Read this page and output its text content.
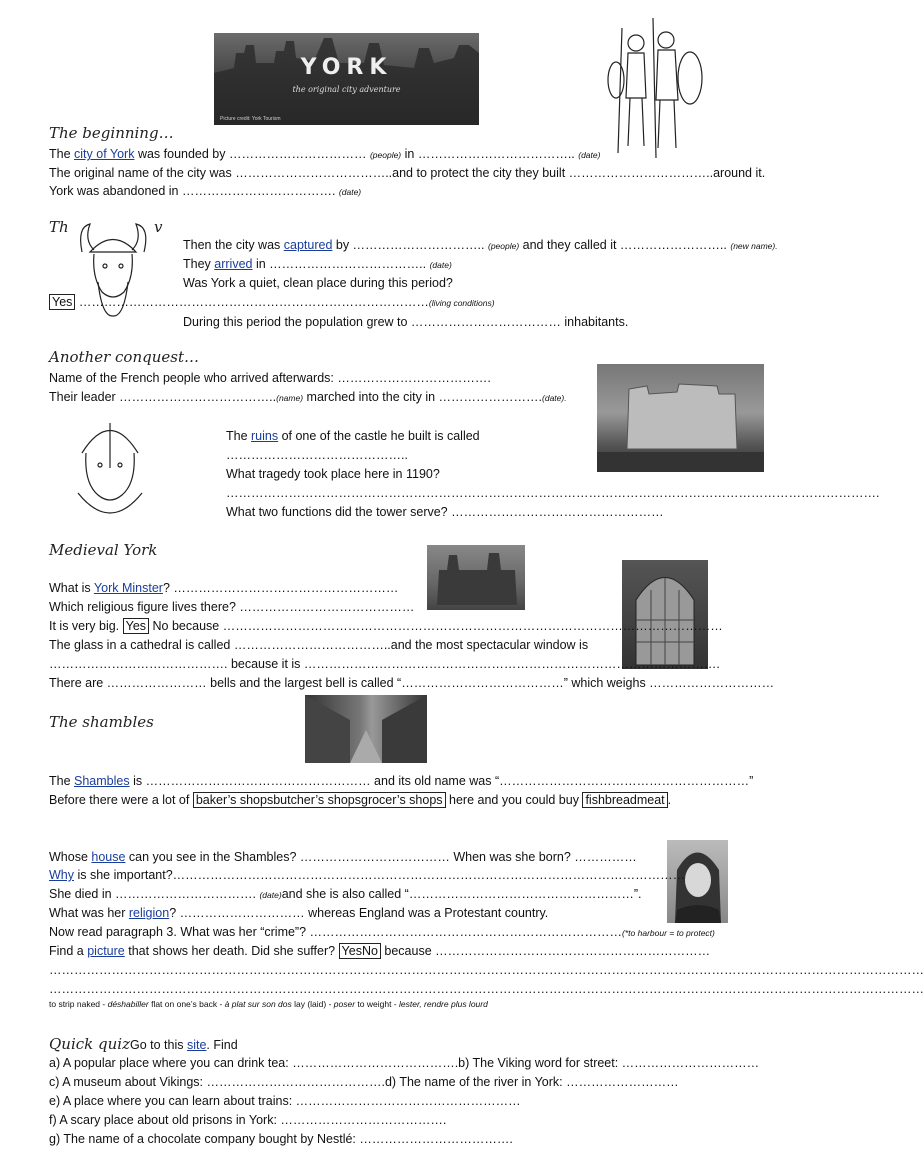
YORK
the original city adventure
Picture credit: York Tourism
The beginning…
The city of York was founded by …………………………… (people) in ……………………………….. (date)
The original name of the city was ………………………………..and to protect the city they built ……………………………..around it.
York was abandoned in ………………………………. (date)
Th	v
Then the city was captured by ………………………….. (people) and they called it …………………….. (new name).
They arrived in ……………………………….. (date)
Was York a quiet, clean place during this period?
Yes …………………………………………………………………………(living conditions)
During this period the population grew to ……………………………… inhabitants.
Another conquest…
Name of the French people who arrived afterwards: ……………………………….
Their leader ………………………………..(name) marched into the city in …………………….(date).
The ruins of one of the castle he built is called
……………………………………..
What tragedy took place here in 1190?
………………………………………………………………………………………………………………………………………….
What two functions did the tower serve? ……………………………………………
Medieval York
What is York Minster? ………………………………………………
Which religious figure lives there? ……………………………………
It is very big. Yes No because …………………………………………………………………………………………………………
The glass in a cathedral is called ………………………………..and the most spectacular window is
……………………………………. because it is ……………………………………………………………………………………….
There are …………………… bells and the largest bell is called “…………………………………” which weighs …………………………
The shambles
The Shambles is ……………………………………………… and its old name was “……………………………………………………”
Before there were a lot of baker’s shopsbutcher’s shopsgrocer’s shops here and you could buy fishbreadmeat .
Whose house can you see in the Shambles? ……………………………… When was she born? ……………
Why is she important?……………………………………………………………………………………………………………
She died in ……………………………. (date)and she is also called “………………………………………………”.
What was her religion? ………………………… whereas England was a Protestant country.
Now read paragraph 3. What was her “crime”? …………………………………………………………………(*to harbour = to protect)
Find a picture that shows her death. Did she suffer? YesNo because …………………………………………………………
…………………………………………………………………………………………………………………………………………………………………………………………
…………………………………………………………………………………………………………………………………………………………………………………………
to strip naked - déshabiller flat on one’s back - à plat sur son dos lay (laid) - poser to weight - lester, rendre plus lourd
Quick quizGo to this site. Find
a) A popular place where you can drink tea: ………………………………….b) The Viking word for street: ……………………………
c) A museum about Vikings: …………………………………….d) The name of the river in York: ………………………
e) A place where you can learn about trains: ………………………………………………
f) A scary place about old prisons in York: ………………………………….
g) The name of a chocolate company bought by Nestlé: ……………………………….
